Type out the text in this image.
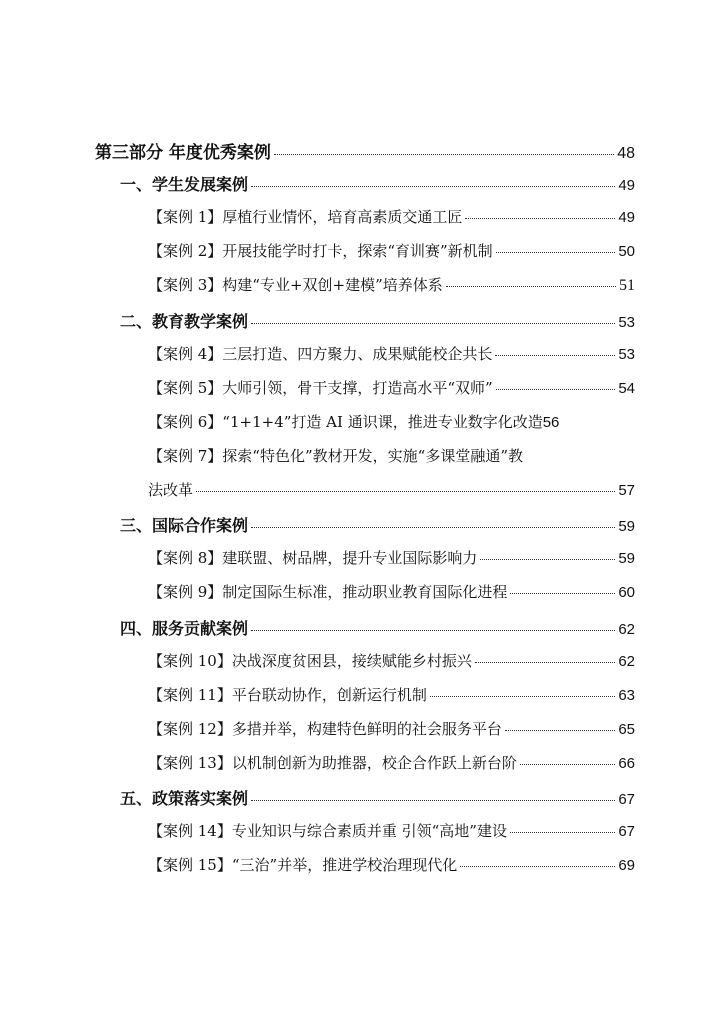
第三部分 年度优秀案例	48
一、学生发展案例	49
【案例 1】厚植行业情怀，培育高素质交通工匠	49
【案例 2】开展技能学时打卡，探索“育训赛”新机制	50
【案例 3】构建“专业+双创+建模”培养体系	51
二、教育教学案例	53
【案例 4】三层打造、四方聚力、成果赋能校企共长	53
【案例 5】大师引领，骨干支撑，打造高水平“双师”	54
【案例 6】“1+1+4”打造 AI 通识课，推进专业数字化改造 56
【案例 7】探索“特色化”教材开发，实施“多课堂融通”教
法改革	57
三、国际合作案例	59
【案例 8】建联盟、树品牌，提升专业国际影响力	59
【案例 9】制定国际生标准，推动职业教育国际化进程	60
四、服务贡献案例	62
【案例 10】决战深度贫困县，接续赋能乡村振兴	62
【案例 11】平台联动协作，创新运行机制	63
【案例 12】多措并举，构建特色鲜明的社会服务平台	65
【案例 13】以机制创新为助推器，校企合作跃上新台阶	66
五、政策落实案例	67
【案例 14】专业知识与综合素质并重 引领“高地”建设	67
【案例 15】“三治”并举，推进学校治理现代化	69
